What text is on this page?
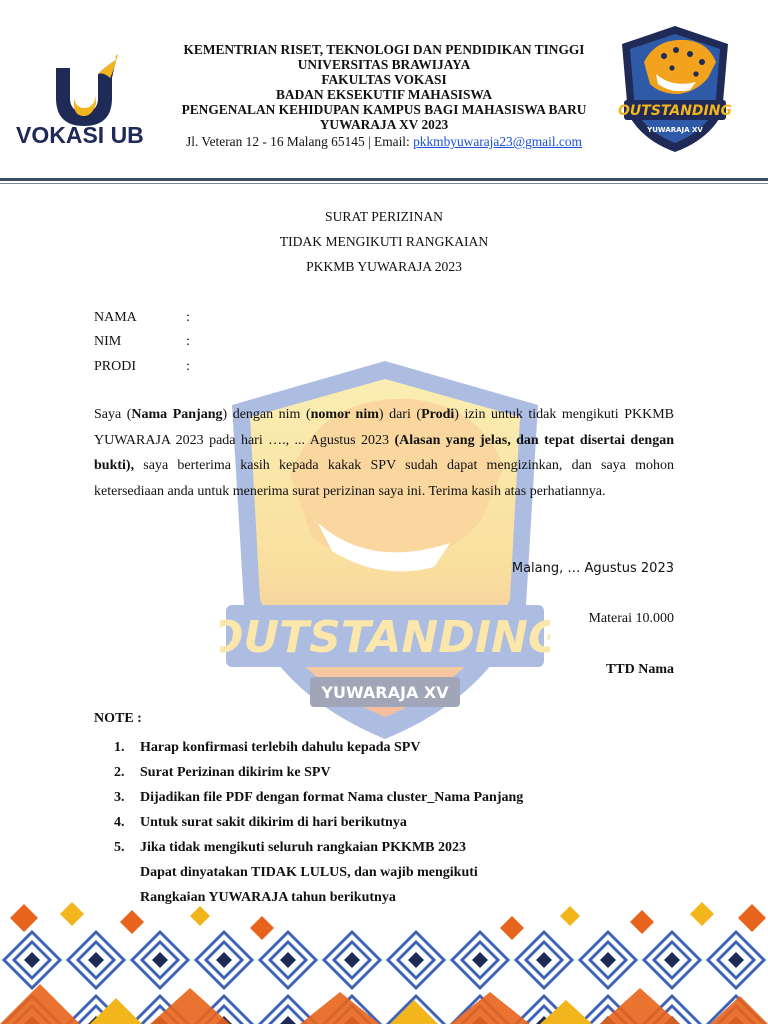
VOKASI UB
KEMENTRIAN RISET, TEKNOLOGI DAN PENDIDIKAN TINGGI
UNIVERSITAS BRAWIJAYA
FAKULTAS VOKASI
BADAN EKSEKUTIF MAHASISWA
PENGENALAN KEHIDUPAN KAMPUS BAGI MAHASISWA BARU
YUWARAJA XV 2023
Jl. Veteran 12 - 16 Malang 65145 | Email: pkkmbyuwaraja23@gmail.com
OUTSTANDING
YUWARAJA XV
OUTSTANDING
YUWARAJA XV
SURAT PERIZINAN
TIDAK MENGIKUTI RANGKAIAN
PKKMB YUWARAJA 2023
NAMA	:
NIM	:
PRODI	:
Saya (Nama Panjang) dengan nim (nomor nim) dari (Prodi) izin untuk tidak mengikuti PKKMB YUWARAJA 2023 pada hari …., ... Agustus 2023 (Alasan yang jelas, dan tepat disertai dengan bukti), saya berterima kasih kepada kakak SPV sudah dapat mengizinkan, dan saya mohon ketersediaan anda untuk menerima surat perizinan saya ini. Terima kasih atas perhatiannya.
Malang, … Agustus 2023
Materai 10.000
TTD Nama
NOTE :
1. Harap konfirmasi terlebih dahulu kepada SPV
2. Surat Perizinan dikirim ke SPV
3. Dijadikan file PDF dengan format Nama cluster_Nama Panjang
4. Untuk surat sakit dikirim di hari berikutnya
5. Jika tidak mengikuti seluruh rangkaian PKKMB 2023
Dapat dinyatakan TIDAK LULUS, dan wajib mengikuti
Rangkaian YUWARAJA tahun berikutnya
